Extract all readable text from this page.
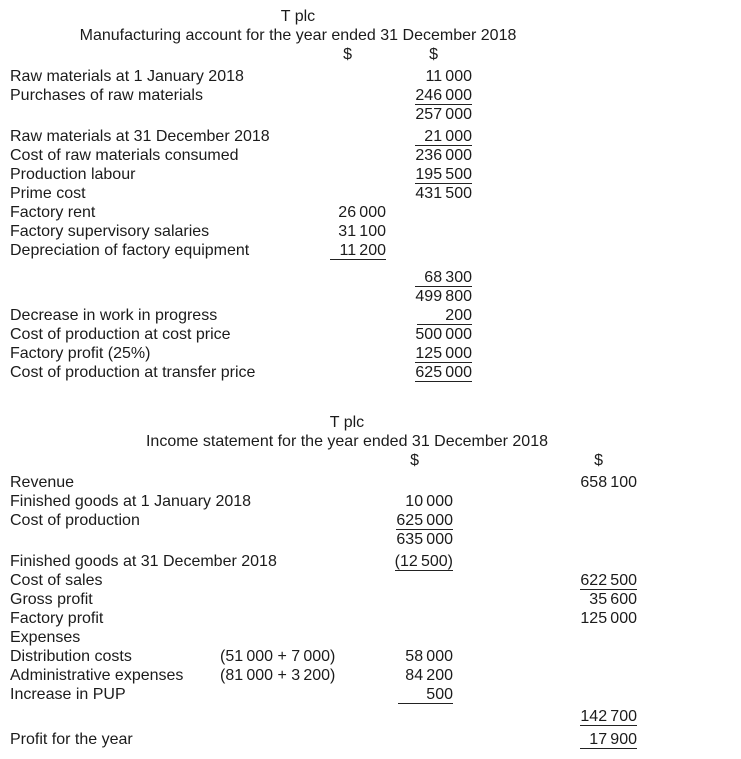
T plc
Manufacturing account for the year ended 31 December 2018
	$	$

Raw materials at 1 January 2018		11 000
Purchases of raw materials		246 000
		257 000

Raw materials at 31 December 2018		21 000
Cost of raw materials consumed		236 000
Production labour		195 500
Prime cost		431 500
Factory rent	26 000	
Factory supervisory salaries	31 100	
Depreciation of factory equipment	11 200	

		68 300
		499 800
Decrease in work in progress		200
Cost of production at cost price		500 000
Factory profit (25%)		125 000
Cost of production at transfer price		625 000
T plc
Income statement for the year ended 31 December 2018
		$	$

Revenue			658 100
Finished goods at 1 January 2018		10 000	
Cost of production		625 000	
		635 000	

Finished goods at 31 December 2018		(12 500)	
Cost of sales			622 500
Gross profit			35 600
Factory profit			125 000
Expenses			
Distribution costs	(51 000 + 7 000)	58 000	
Administrative expenses	(81 000 + 3 200)	84 200	
Increase in PUP		500	

			142 700

Profit for the year			17 900
